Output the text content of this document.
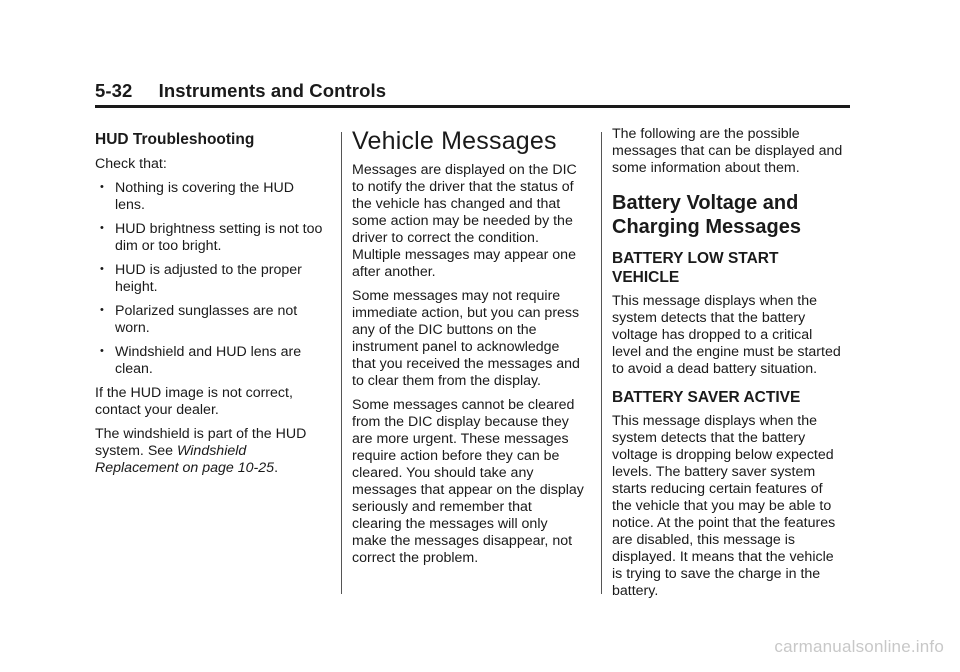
5-32 Instruments and Controls
HUD Troubleshooting

Check that:

• Nothing is covering the HUD lens.
• HUD brightness setting is not too dim or too bright.
• HUD is adjusted to the proper height.
• Polarized sunglasses are not worn.
• Windshield and HUD lens are clean.

If the HUD image is not correct, contact your dealer.

The windshield is part of the HUD system. See Windshield Replacement on page 10-25.

Vehicle Messages

Messages are displayed on the DIC to notify the driver that the status of the vehicle has changed and that some action may be needed by the driver to correct the condition. Multiple messages may appear one after another.

Some messages may not require immediate action, but you can press any of the DIC buttons on the instrument panel to acknowledge that you received the messages and to clear them from the display.

Some messages cannot be cleared from the DIC display because they are more urgent. These messages require action before they can be cleared. You should take any messages that appear on the display seriously and remember that clearing the messages will only make the messages disappear, not correct the problem.

The following are the possible messages that can be displayed and some information about them.

Battery Voltage and Charging Messages
BATTERY LOW START VEHICLE

This message displays when the system detects that the battery voltage has dropped to a critical level and the engine must be started to avoid a dead battery situation.

BATTERY SAVER ACTIVE

This message displays when the system detects that the battery voltage is dropping below expected levels. The battery saver system starts reducing certain features of the vehicle that you may be able to notice. At the point that the features are disabled, this message is displayed. It means that the vehicle is trying to save the charge in the battery.

carmanualsonline.info
